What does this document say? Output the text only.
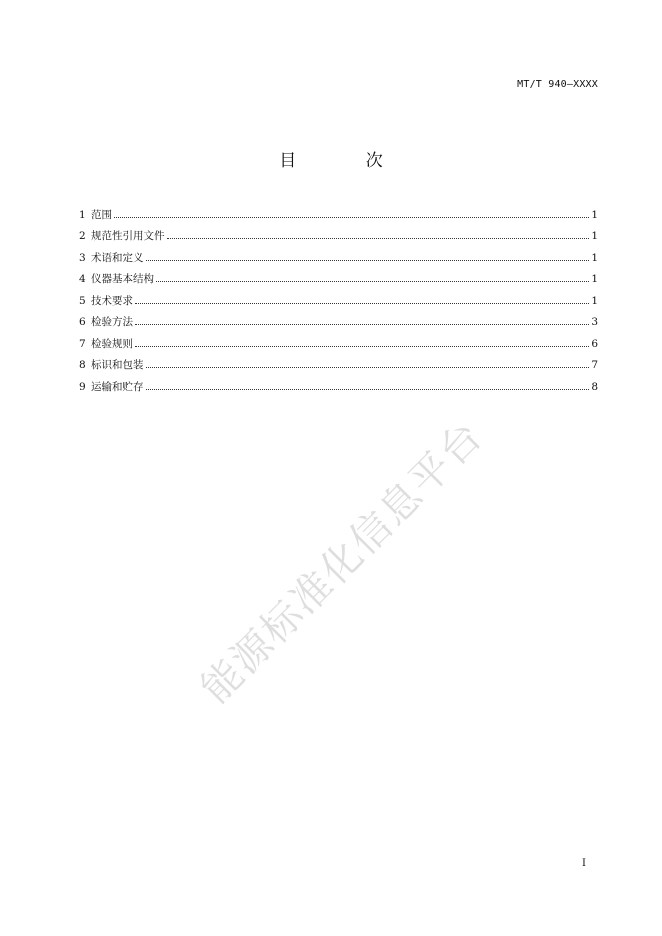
MT/T 940—XXXX
目 次
1 范围	1
2 规范性引用文件	1
3 术语和定义	1
4 仪器基本结构	1
5 技术要求	1
6 检验方法	3
7 检验规则	6
8 标识和包装	7
9 运输和贮存	8
能源标准化信息平台
I
